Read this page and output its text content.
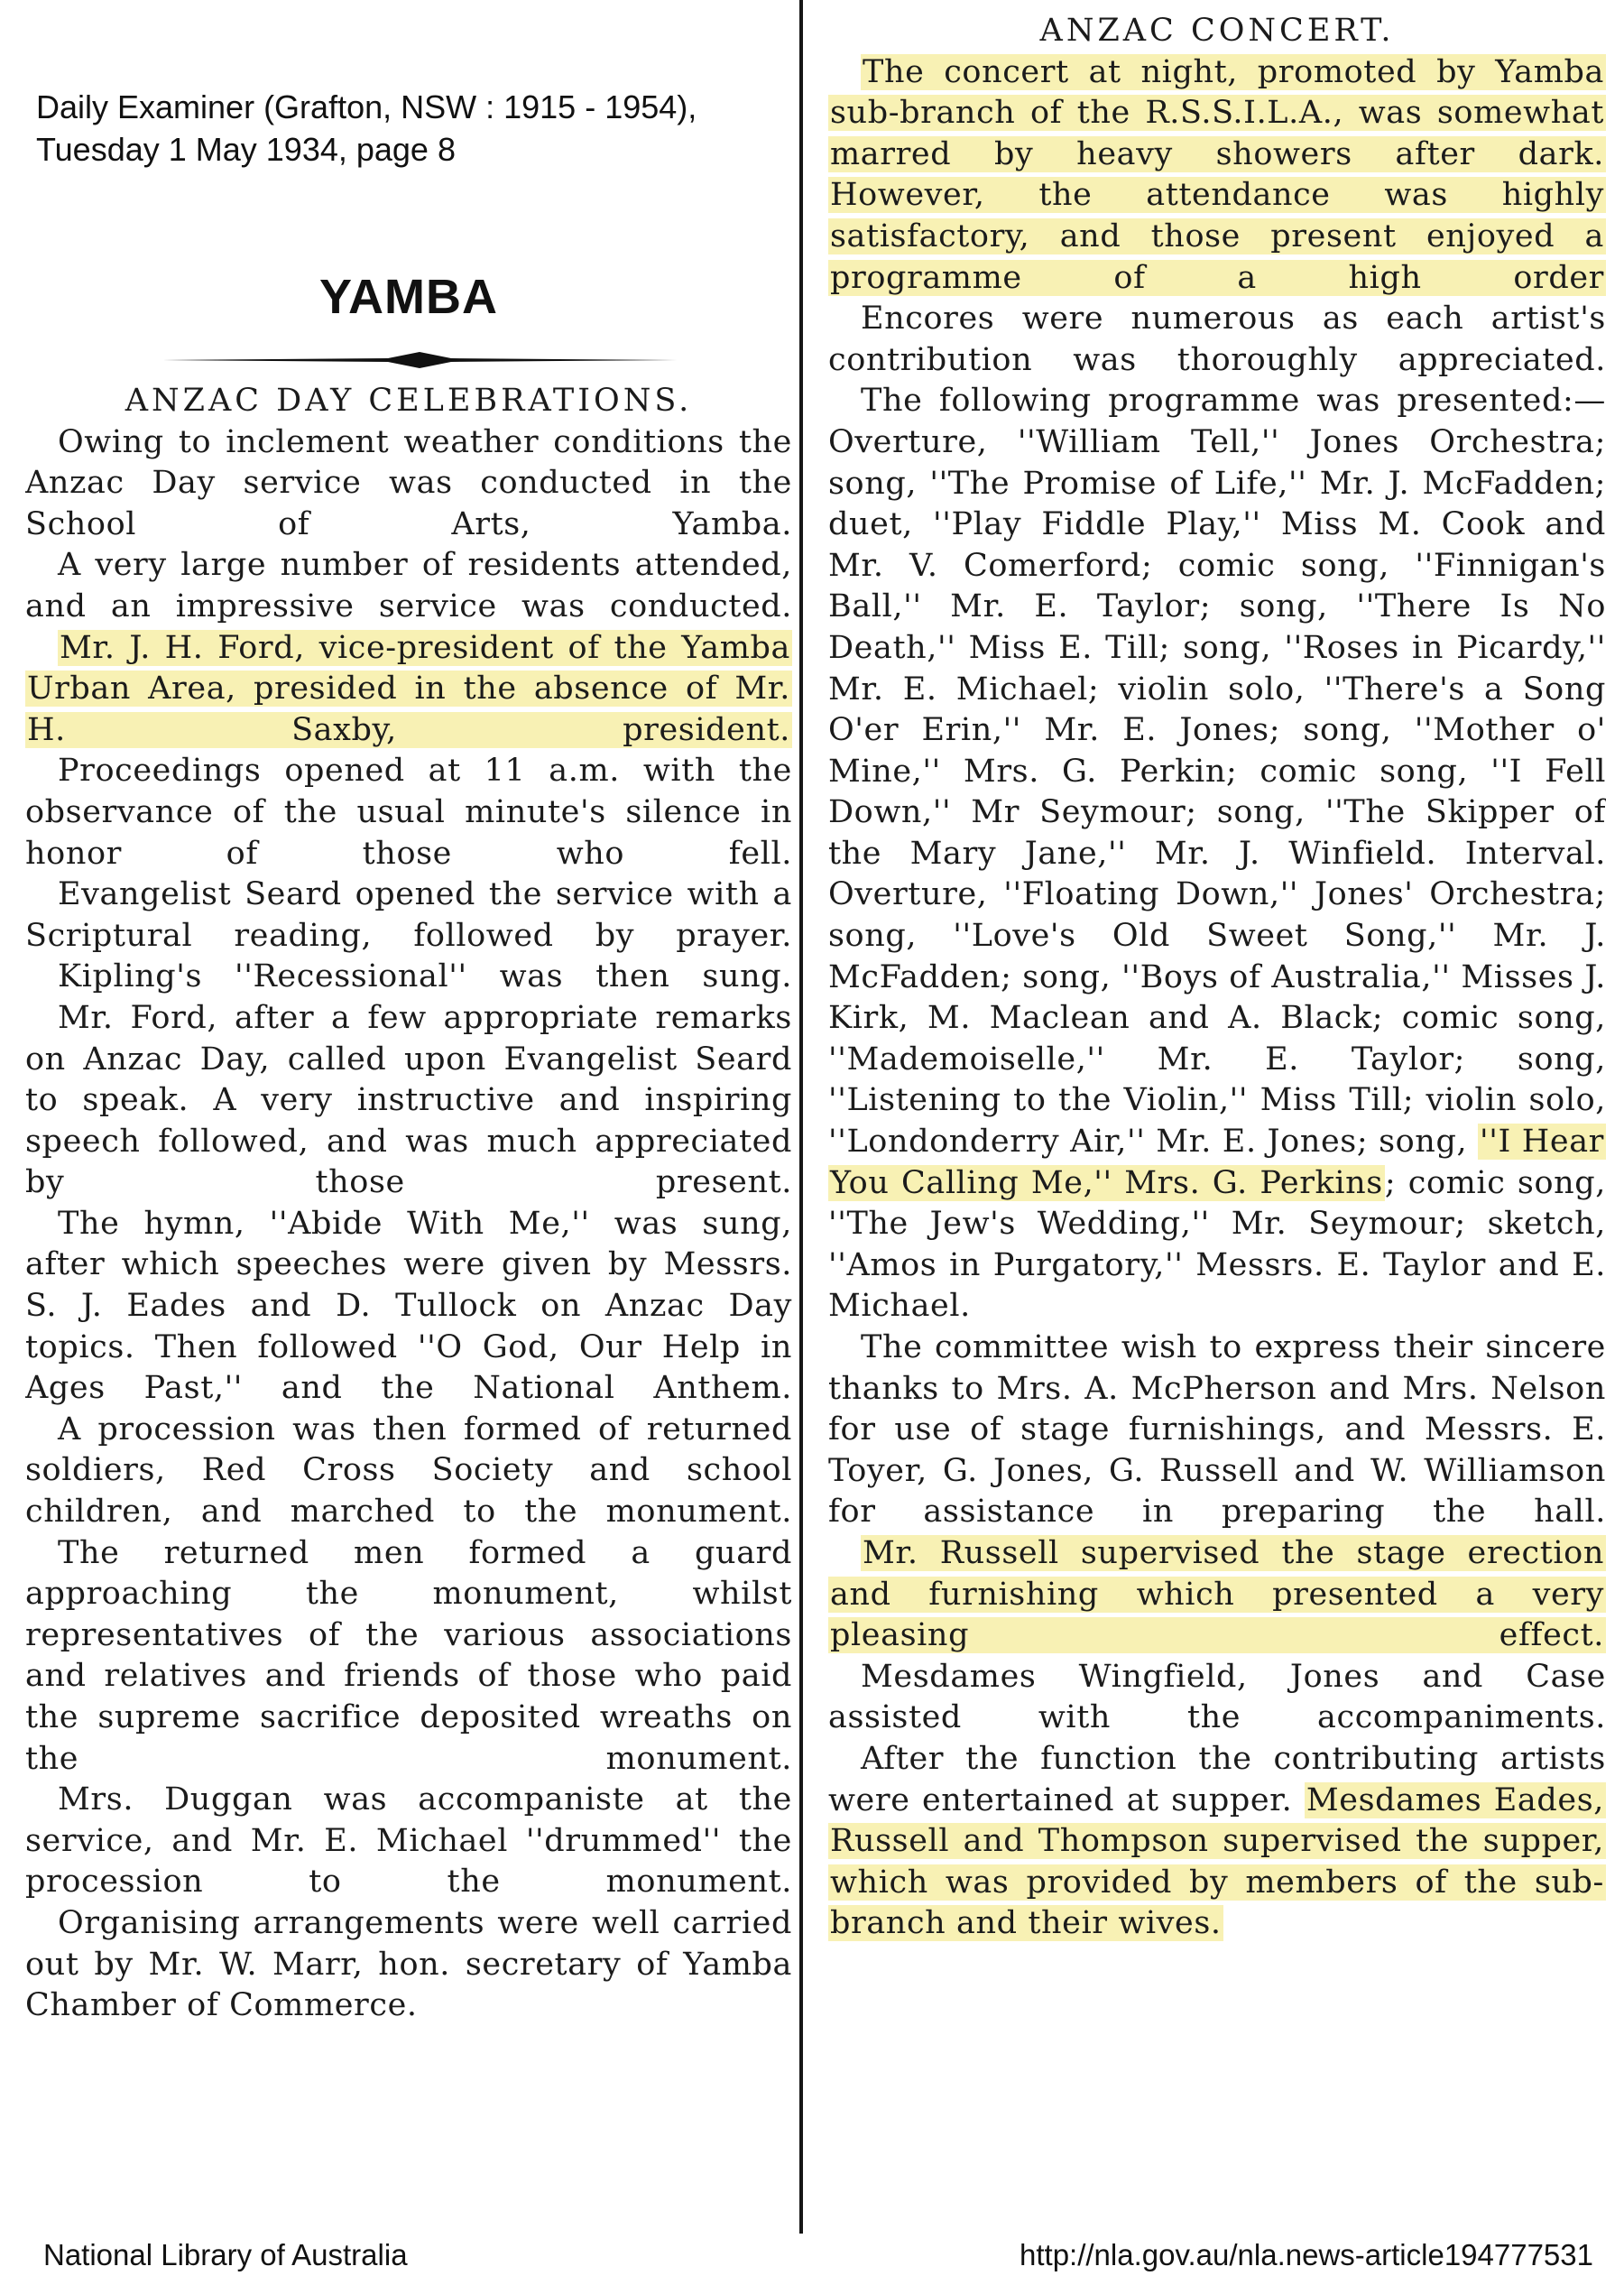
Daily Examiner (Grafton, NSW : 1915 - 1954),
Tuesday 1 May 1934, page 8
YAMBA

ANZAC DAY CELEBRATIONS.

Owing to inclement weather conditions the Anzac Day service was conducted in the School of Arts, Yamba.

A very large number of residents attended, and an impressive service was conducted.

Mr. J. H. Ford, vice-president of the Yamba Urban Area, presided in the absence of Mr. H. Saxby, president.

Proceedings opened at 11 a.m. with the observance of the usual minute's silence in honor of those who fell.

Evangelist Seard opened the service with a Scriptural reading, followed by prayer.

Kipling's ''Recessional'' was then sung.

Mr. Ford, after a few appropriate remarks on Anzac Day, called upon Evangelist Seard to speak. A very instructive and inspiring speech followed, and was much appreciated by those present.

The hymn, ''Abide With Me,'' was sung, after which speeches were given by Messrs. S. J. Eades and D. Tullock on Anzac Day topics. Then followed ''O God, Our Help in Ages Past,'' and the National Anthem.

A procession was then formed of returned soldiers, Red Cross Society and school children, and marched to the monument.

The returned men formed a guard approaching the monument, whilst representatives of the various associations and relatives and friends of those who paid the supreme sacrifice deposited wreaths on the monument.

Mrs. Duggan was accompaniste at the service, and Mr. E. Michael ''drummed'' the procession to the monument.

Organising arrangements were well carried out by Mr. W. Marr, hon. secretary of Yamba Chamber of Commerce.

ANZAC CONCERT.

The concert at night, promoted by Yamba sub-branch of the R.S.S.I.L.A., was somewhat marred by heavy showers after dark. However, the attendance was highly satisfactory, and those present enjoyed a programme of a high order

Encores were numerous as each artist's contribution was thoroughly appreciated.

The following programme was presented:—Overture, ''William Tell,'' Jones Orchestra; song, ''The Promise of Life,'' Mr. J. McFadden; duet, ''Play Fiddle Play,'' Miss M. Cook and Mr. V. Comerford; comic song, ''Finnigan's Ball,'' Mr. E. Taylor; song, ''There Is No Death,'' Miss E. Till; song, ''Roses in Picardy,'' Mr. E. Michael; violin solo, ''There's a Song O'er Erin,'' Mr. E. Jones; song, ''Mother o' Mine,'' Mrs. G. Perkin; comic song, ''I Fell Down,'' Mr Seymour; song, ''The Skipper of the Mary Jane,'' Mr. J. Winfield. Interval. Overture, ''Floating Down,'' Jones' Orchestra; song, ''Love's Old Sweet Song,'' Mr. J. McFadden; song, ''Boys of Australia,'' Misses J. Kirk, M. Maclean and A. Black; comic song, ''Mademoiselle,'' Mr. E. Taylor; song, ''Listening to the Violin,'' Miss Till; violin solo, ''Londonderry Air,'' Mr. E. Jones; song, ''I Hear You Calling Me,'' Mrs. G. Perkins; comic song, ''The Jew's Wedding,'' Mr. Seymour; sketch, ''Amos in Purgatory,'' Messrs. E. Taylor and E. Michael.

The committee wish to express their sincere thanks to Mrs. A. McPherson and Mrs. Nelson for use of stage furnishings, and Messrs. E. Toyer, G. Jones, G. Russell and W. Williamson for assistance in preparing the hall.

Mr. Russell supervised the stage erection and furnishing which presented a very pleasing effect.

Mesdames Wingfield, Jones and Case assisted with the accompaniments.

After the function the contributing artists were entertained at supper. Mesdames Eades, Russell and Thompson supervised the supper, which was provided by members of the sub-branch and their wives.

National Library of Australia	http://nla.gov.au/nla.news-article194777531
